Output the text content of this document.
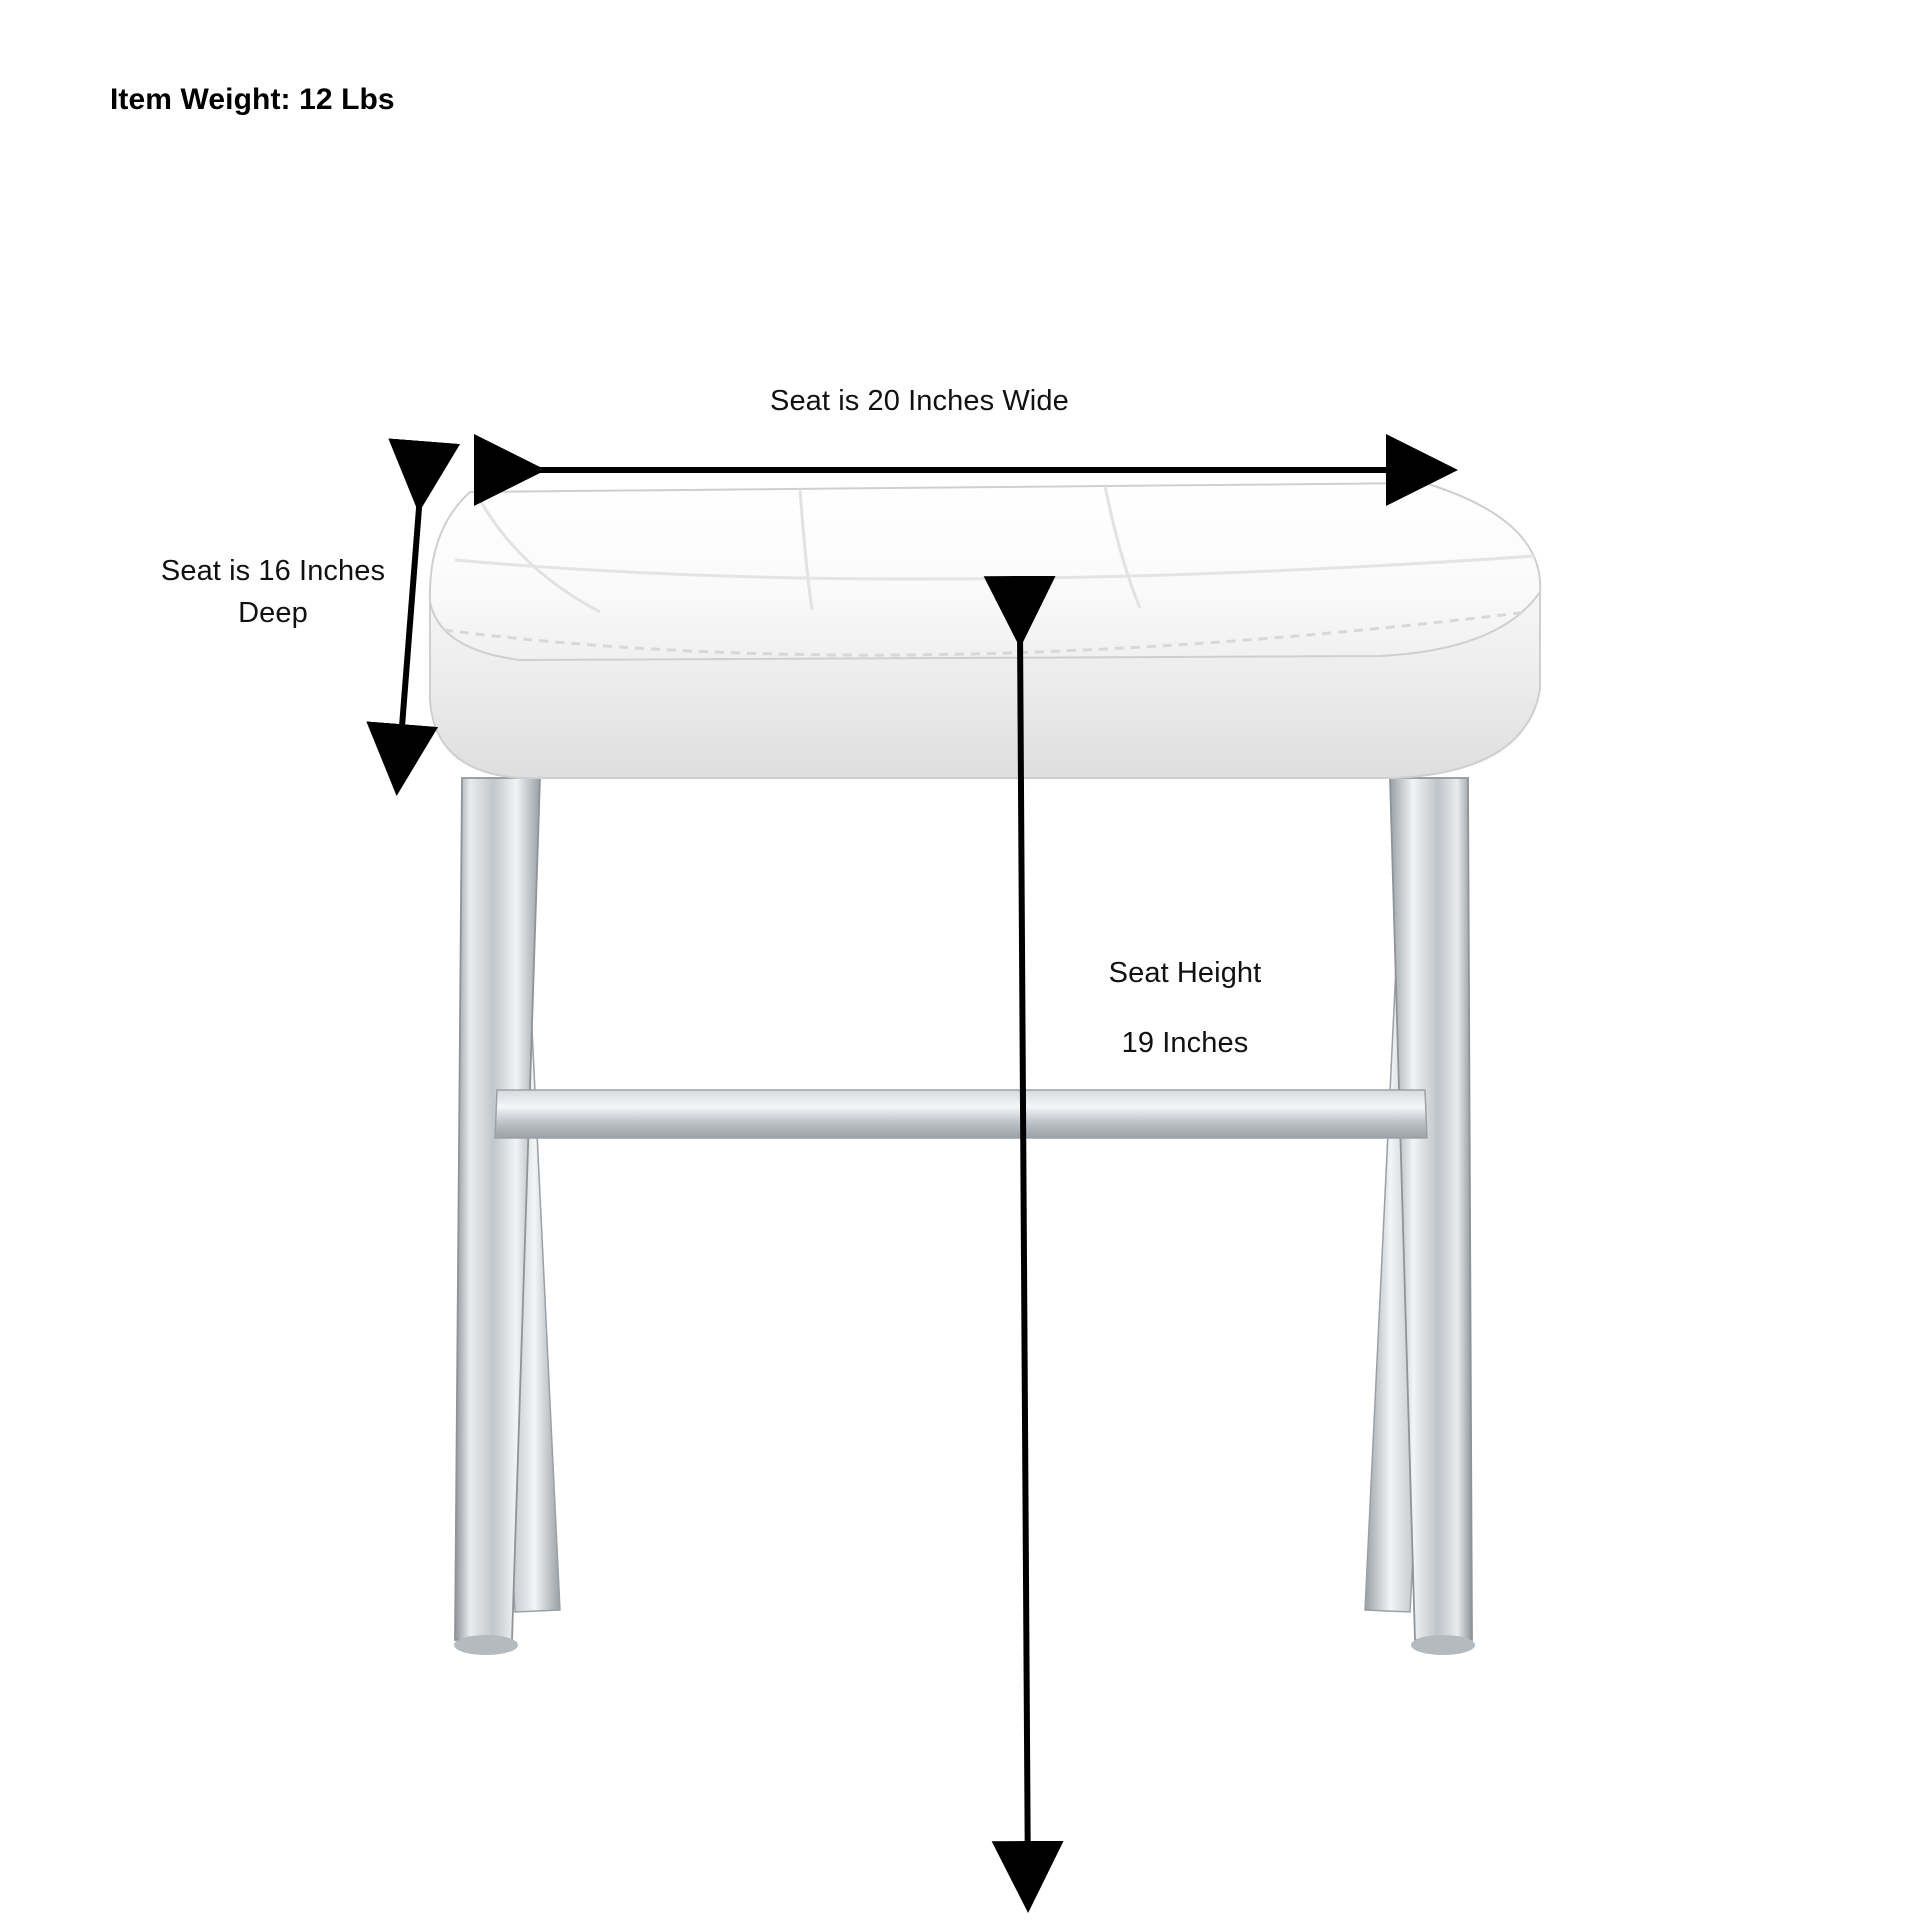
Item Weight: 12 Lbs
Seat is 20 Inches Wide
Seat is 16 Inches Deep

Seat Height

19 Inches
